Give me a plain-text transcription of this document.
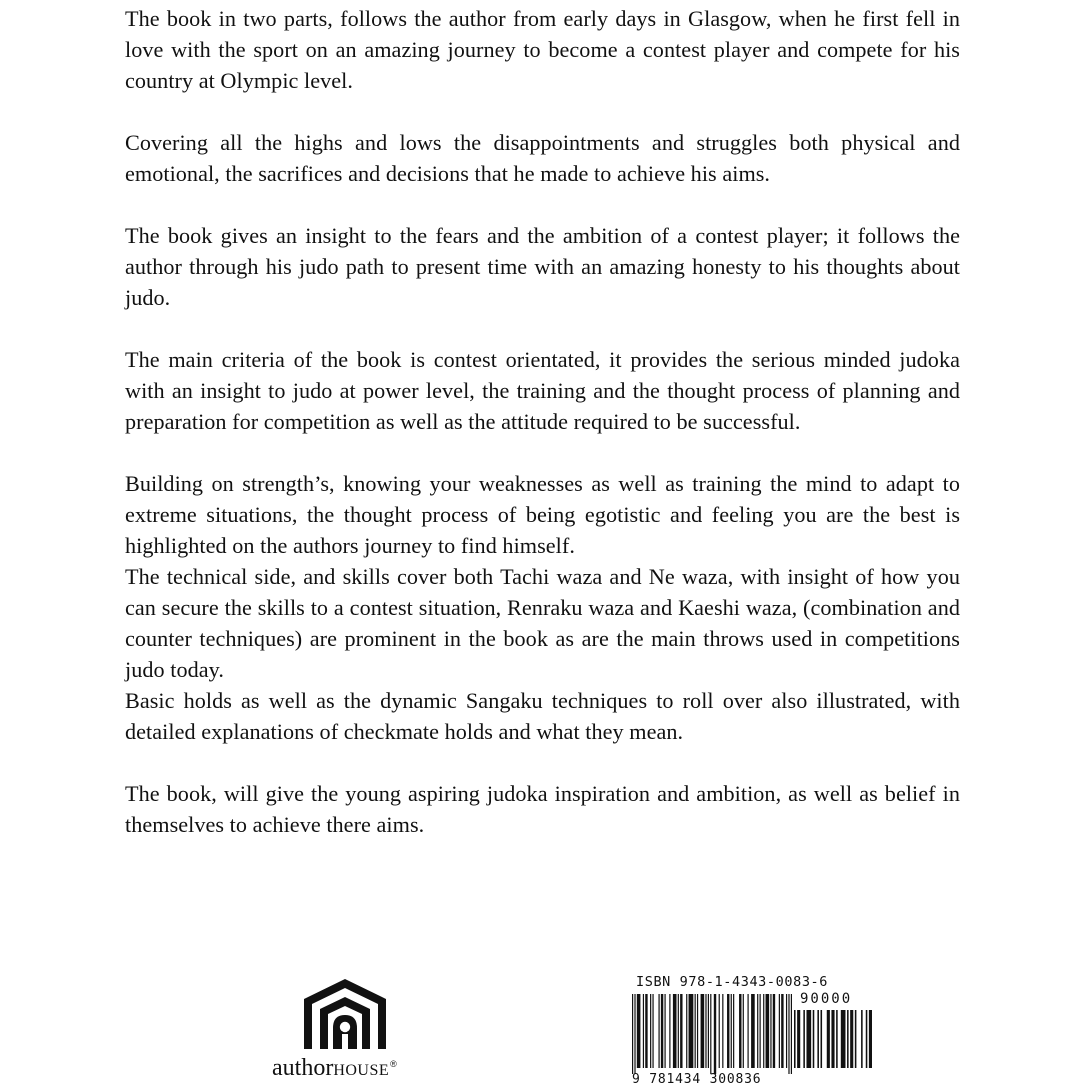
The book in two parts, follows the author from early days in Glasgow, when he first fell in love with the sport on an amazing journey to become a contest player and compete for his country at Olympic level.

Covering all the highs and lows the disappointments and struggles both physical and emotional, the sacrifices and decisions that he made to achieve his aims.

The book gives an insight to the fears and the ambition of a contest player; it follows the author through his judo path to present time with an amazing honesty to his thoughts about judo.

The main criteria of the book is contest orientated, it provides the serious minded judoka with an insight to judo at power level, the training and the thought process of planning and preparation for competition as well as the attitude required to be successful.

Building on strength’s, knowing your weaknesses as well as training the mind to adapt to extreme situations, the thought process of being egotistic and feeling you are the best is highlighted on the authors journey to find himself.

The technical side, and skills cover both Tachi waza and Ne waza, with insight of how you can secure the skills to a contest situation, Renraku waza and Kaeshi waza, (combination and counter techniques) are prominent in the book as are the main throws used in competitions judo today.

Basic holds as well as the dynamic Sangaku techniques to roll over also illustrated, with detailed explanations of checkmate holds and what they mean.

The book, will give the young aspiring judoka inspiration and ambition, as well as belief in themselves to achieve there aims.

authorHOUSE®
ISBN 978-1-4343-0083-6
90000
9 781434 300836
